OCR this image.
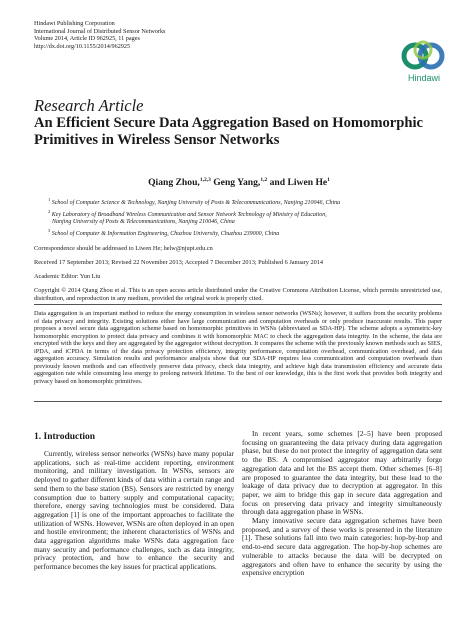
Hindawi Publishing Corporation
International Journal of Distributed Sensor Networks
Volume 2014, Article ID 962925, 11 pages
http://dx.doi.org/10.1155/2014/962925
Hindawi
Research Article
An Efficient Secure Data Aggregation Based on Homomorphic Primitives in Wireless Sensor Networks
Qiang Zhou,$^{1,2,3}$ Geng Yang,$^{1,2}$ and Liwen He$^1$
$^1$ School of Computer Science & Technology, Nanjing University of Posts & Telecommunications, Nanjing 210046, China
$^2$ Key Laboratory of Broadband Wireless Communication and Sensor Network Technology of Ministry of Education,
Nanjing University of Posts & Telecommunications, Nanjing 210046, China
$^3$ School of Computer & Information Engineering, Chuzhou University, Chuzhou 239000, China
Correspondence should be addressed to Liwen He; helw@njupt.edu.cn
Received 17 September 2013; Revised 22 November 2013; Accepted 7 December 2013; Published 6 January 2014
Academic Editor: Yun Liu
Copyright © 2014 Qiang Zhou et al. This is an open access article distributed under the Creative Commons Attribution License, which permits unrestricted use, distribution, and reproduction in any medium, provided the original work is properly cited.
Data aggregation is an important method to reduce the energy consumption in wireless sensor networks (WSNs); however, it suffers from the security problems of data privacy and integrity. Existing solutions either have large communication and computation overheads or only produce inaccurate results. This paper proposes a novel secure data aggregation scheme based on homomorphic primitives in WSNs (abbreviated as SDA-HP). The scheme adopts a symmetric-key homomorphic encryption to protect data privacy and combines it with homomorphic MAC to check the aggregation data integrity. In the scheme, the data are encrypted with the keys and they are aggregated by the aggregator without decryption. It compares the scheme with the previously known methods such as SIES, iPDA, and iCPDA in terms of the data privacy protection efficiency, integrity performance, computation overhead, communication overhead, and data aggregation accuracy. Simulation results and performance analysis show that our SDA-HP requires less communication and computation overheads than previously known methods and can effectively preserve data privacy, check data integrity, and achieve high data transmission efficiency and accurate data aggregation rate while consuming less energy to prolong network lifetime. To the best of our knowledge, this is the first work that provides both integrity and privacy based on homomorphic primitives.
1. Introduction

Currently, wireless sensor networks (WSNs) have many popular applications, such as real-time accident reporting, environment monitoring, and military investigation. In WSNs, sensors are deployed to gather different kinds of data within a certain range and send them to the base station (BS). Sensors are restricted by energy consumption due to battery supply and computational capacity; therefore, energy saving technologies must be considered. Data aggregation [1] is one of the important approaches to facilitate the utilization of WSNs. However, WSNs are often deployed in an open and hostile environment; the inherent characteristics of WSNs and data aggregation algorithms make WSNs data aggregation face many security and performance challenges, such as data integrity, privacy protection, and how to enhance the security and performance becomes the key issues for practical applications.

In recent years, some schemes [2–5] have been proposed focusing on guaranteeing the data privacy during data aggregation phase, but these do not protect the integrity of aggregation data sent to the BS. A compromised aggregator may arbitrarily forge aggregation data and let the BS accept them. Other schemes [6–8] are proposed to guarantee the data integrity, but these lead to the leakage of data privacy due to decryption at aggregator. In this paper, we aim to bridge this gap in secure data aggregation and focus on preserving data privacy and integrity simultaneously through data aggregation phase in WSNs.

Many innovative secure data aggregation schemes have been proposed, and a survey of these works is presented in the literature [1]. These solutions fall into two main categories: hop-by-hop and end-to-end secure data aggregation. The hop-by-hop schemes are vulnerable to attacks because the data will be decrypted on aggregators and often have to enhance the security by using the expensive encryption
